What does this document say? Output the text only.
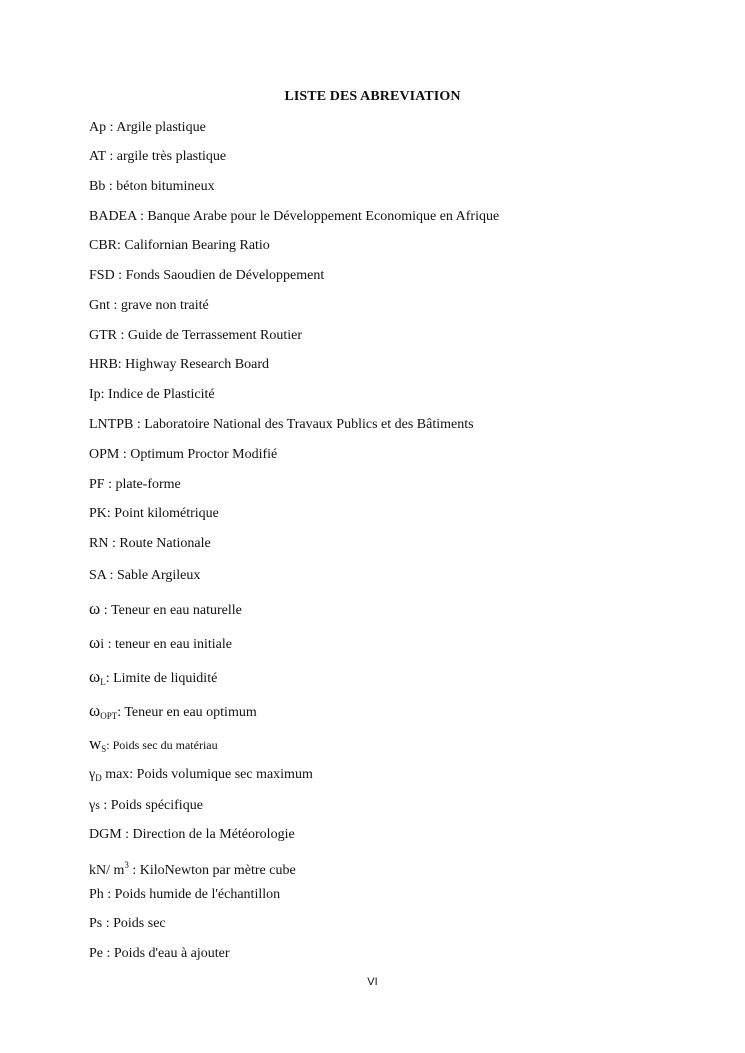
LISTE DES ABREVIATION
Ap : Argile plastique
AT : argile très plastique
Bb : béton bitumineux
BADEA : Banque Arabe pour le Développement Economique en Afrique
CBR: Californian Bearing Ratio
FSD : Fonds Saoudien de Développement
Gnt : grave non traité
GTR : Guide de Terrassement Routier
HRB: Highway Research Board
Ip: Indice de Plasticité
LNTPB : Laboratoire National des Travaux Publics et des Bâtiments
OPM : Optimum Proctor Modifié
PF : plate-forme
PK: Point kilométrique
RN : Route Nationale
SA : Sable Argileux
ω : Teneur en eau naturelle
ωi : teneur en eau initiale
$\omega_L$: Limite de liquidité
$\omega_{OPT}$: Teneur en eau optimum
$w_S$: Poids sec du matériau
$\gamma_D$ max: Poids volumique sec maximum
γs : Poids spécifique
DGM : Direction de la Météorologie
kN/ $m^3$ : KiloNewton par mètre cube
Ph : Poids humide de l'échantillon
Ps : Poids sec
Pe : Poids d'eau à ajouter
VI
